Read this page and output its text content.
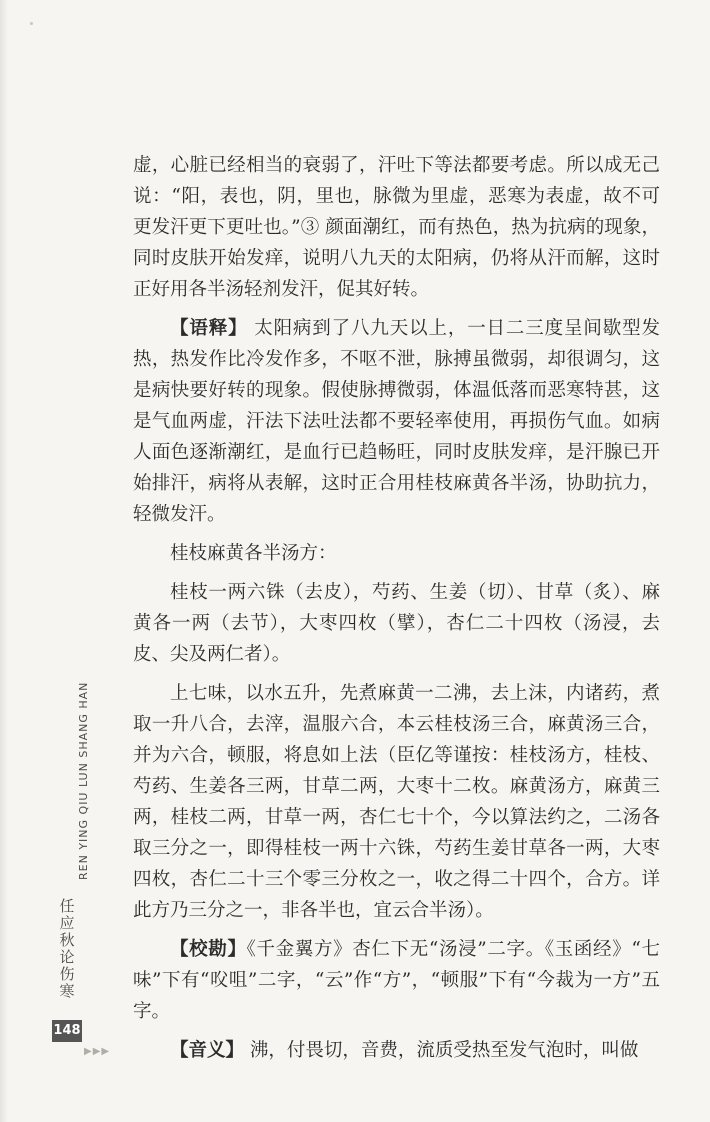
虚，心脏已经相当的衰弱了，汗吐下等法都要考虑。所以成无己说：“阳，表也，阴，里也，脉微为里虚，恶寒为表虚，故不可更发汗更下更吐也。”③ 颜面潮红，而有热色，热为抗病的现象，同时皮肤开始发痒，说明八九天的太阳病，仍将从汗而解，这时正好用各半汤轻剂发汗，促其好转。

【语释】 太阳病到了八九天以上，一日二三度呈间歇型发热，热发作比冷发作多，不呕不泄，脉搏虽微弱，却很调匀，这是病快要好转的现象。假使脉搏微弱，体温低落而恶寒特甚，这是气血两虚，汗法下法吐法都不要轻率使用，再损伤气血。如病人面色逐渐潮红，是血行已趋畅旺，同时皮肤发痒，是汗腺已开始排汗，病将从表解，这时正合用桂枝麻黄各半汤，协助抗力，轻微发汗。

桂枝麻黄各半汤方：

桂枝一两六铢（去皮），芍药、生姜（切）、甘草（炙）、麻黄各一两（去节），大枣四枚（擘），杏仁二十四枚（汤浸，去皮、尖及两仁者）。

上七味，以水五升，先煮麻黄一二沸，去上沫，内诸药，煮取一升八合，去滓，温服六合，本云桂枝汤三合，麻黄汤三合，并为六合，顿服，将息如上法（臣亿等谨按：桂枝汤方，桂枝、芍药、生姜各三两，甘草二两，大枣十二枚。麻黄汤方，麻黄三两，桂枝二两，甘草一两，杏仁七十个，今以算法约之，二汤各取三分之一，即得桂枝一两十六铢，芍药生姜甘草各一两，大枣四枚，杏仁二十三个零三分枚之一，收之得二十四个，合方。详此方乃三分之一，非各半也，宜云合半汤）。

【校勘】《千金翼方》杏仁下无“汤浸”二字。《玉函经》“七味”下有“㕮咀”二字，“云”作“方”，“顿服”下有“今裁为一方”五字。

【音义】 沸，付畏切，音费，流质受热至发气泡时，叫做

REN YING QIU LUN SHANG HAN
任应秋论伤寒
148
▶▶▶
